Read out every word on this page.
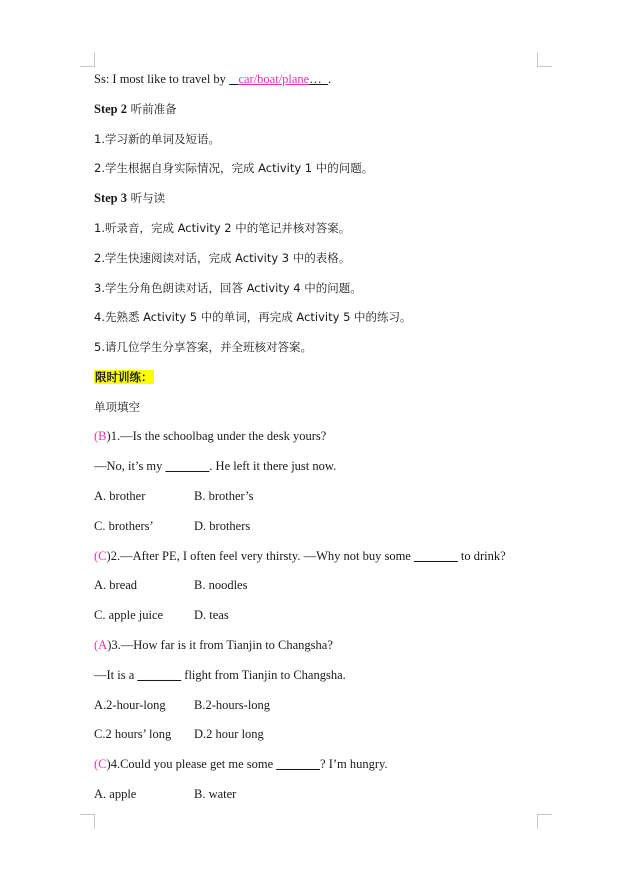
Ss: I most like to travel by    car/boat/plane…  .
Step 2 听前准备
1.学习新的单词及短语。
2.学生根据自身实际情况，完成 Activity 1 中的问题。
Step 3 听与读
1.听录音，完成 Activity 2 中的笔记并核对答案。
2.学生快速阅读对话，完成 Activity 3 中的表格。
3.学生分角色朗读对话，回答 Activity 4 中的问题。
4.先熟悉 Activity 5 中的单词，再完成 Activity 5 中的练习。
5.请几位学生分享答案，并全班核对答案。
限时训练：
单项填空
(B)1.—Is the schoolbag under the desk yours?
—No, it’s my _______. He left it there just now.
A. brother	B. brother’s
C. brothers’	D. brothers
(C)2.—After PE, I often feel very thirsty. —Why not buy some _______ to drink?
A. bread	B. noodles
C. apple juice D. teas
(A)3.—How far is it from Tianjin to Changsha?
—It is a _______ flight from Tianjin to Changsha.
A.2-hour-long B.2-hours-long
C.2 hours’ long D.2 hour long
(C)4.Could you please get me some _______? I’m hungry.
A. apple	B. water
